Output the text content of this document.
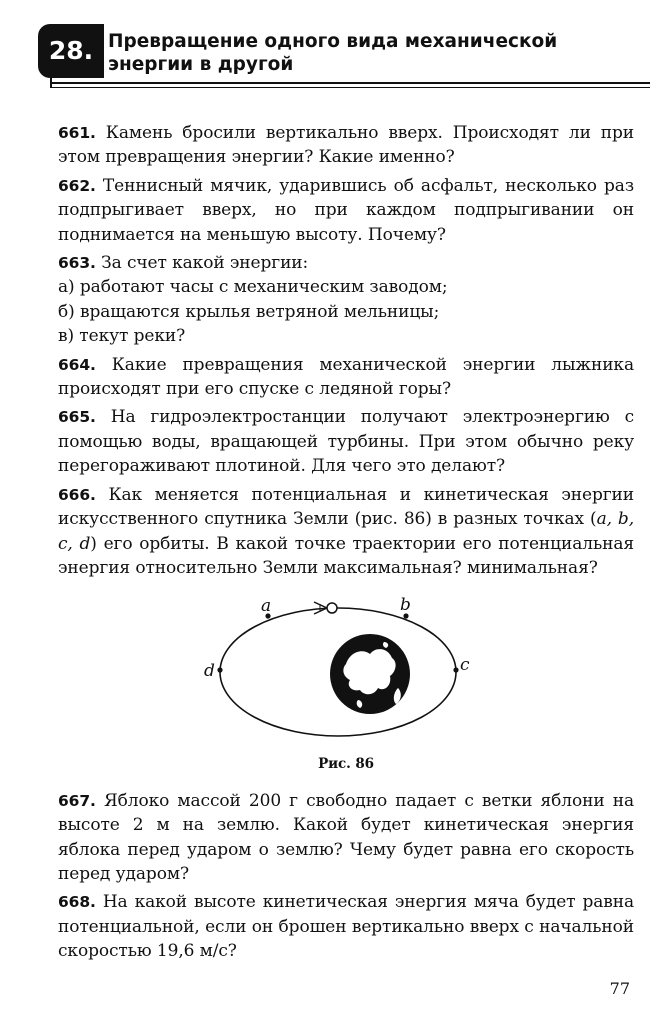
28. Превращение одного вида механической энергии в другой

661. Камень бросили вертикально вверх. Происходят ли при этом превращения энергии? Какие именно?

662. Теннисный мячик, ударившись об асфальт, несколько раз подпрыгивает вверх, но при каждом подпрыгивании он поднимается на меньшую высоту. Почему?

663. За счет какой энергии:

а) работают часы с механическим заводом;

б) вращаются крылья ветряной мельницы;

в) текут реки?

664. Какие превращения механической энергии лыжника происходят при его спуске с ледяной горы?

665. На гидроэлектростанции получают электроэнергию с помощью воды, вращающей турбины. При этом обычно реку перегораживают плотиной. Для чего это делают?

666. Как меняется потенциальная и кинетическая энергии искусственного спутника Земли (рис. 86) в разных точках (a, b, c, d) его орбиты. В какой точке траектории его потенциальная энергия относительно Земли максимальная? минимальная?

a	b
c
d
Рис. 86

667. Яблоко массой 200 г свободно падает с ветки яблони на высоте 2 м на землю. Какой будет кинетическая энергия яблока перед ударом о землю? Чему будет равна его скорость перед ударом?

668. На какой высоте кинетическая энергия мяча будет равна потенциальной, если он брошен вертикально вверх с начальной скоростью 19,6 м/с?

77
